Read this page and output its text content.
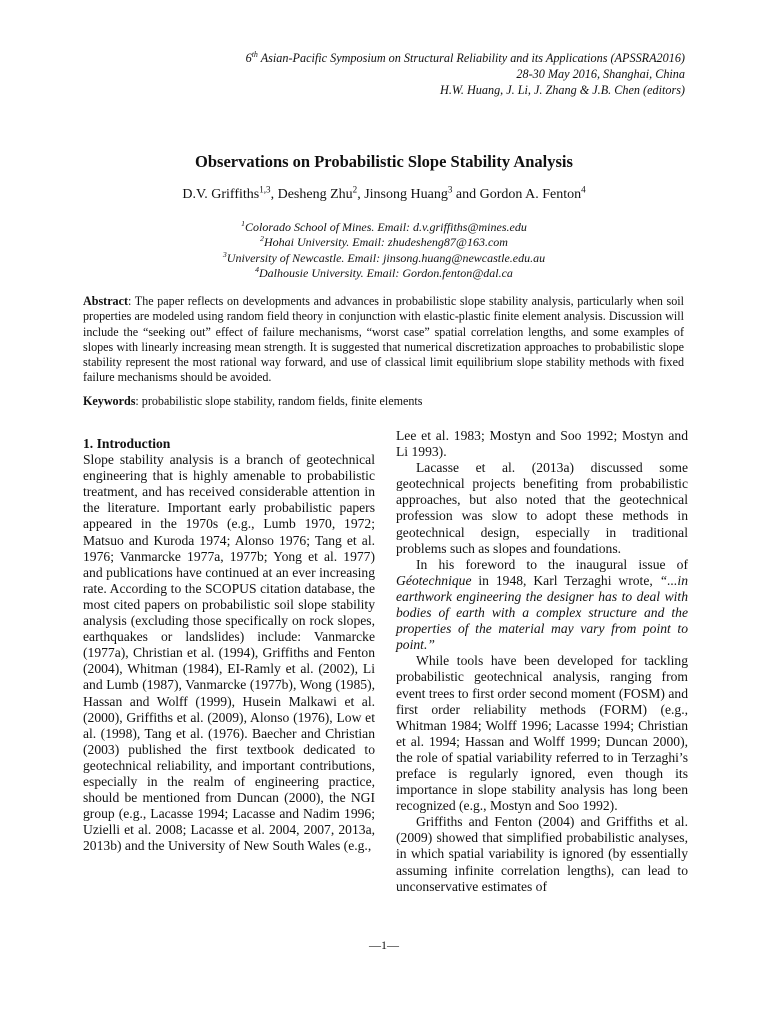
6th Asian-Pacific Symposium on Structural Reliability and its Applications (APSSRA2016)
28-30 May 2016, Shanghai, China
H.W. Huang, J. Li, J. Zhang & J.B. Chen (editors)
Observations on Probabilistic Slope Stability Analysis
D.V. Griffiths$^{1,3}$, Desheng Zhu$^2$, Jinsong Huang$^3$ and Gordon A. Fenton$^4$
$^1$Colorado School of Mines. Email: d.v.griffiths@mines.edu
$^2$Hohai University. Email: zhudesheng87@163.com
$^3$University of Newcastle. Email: jinsong.huang@newcastle.edu.au
$^4$Dalhousie University. Email: Gordon.fenton@dal.ca
Abstract: The paper reflects on developments and advances in probabilistic slope stability analysis, particularly when soil properties are modeled using random field theory in conjunction with elastic-plastic finite element analysis. Discussion will include the “seeking out” effect of failure mechanisms, “worst case” spatial correlation lengths, and some examples of slopes with linearly increasing mean strength. It is suggested that numerical discretization approaches to probabilistic slope stability represent the most rational way forward, and use of classical limit equilibrium slope stability methods with fixed failure mechanisms should be avoided.
Keywords: probabilistic slope stability, random fields, finite elements

1. Introduction

Slope stability analysis is a branch of geotechnical engineering that is highly amenable to probabilistic treatment, and has received considerable attention in the literature. Important early probabilistic papers appeared in the 1970s (e.g., Lumb 1970, 1972; Matsuo and Kuroda 1974; Alonso 1976; Tang et al. 1976; Vanmarcke 1977a, 1977b; Yong et al. 1977) and publications have continued at an ever increasing rate. According to the SCOPUS citation database, the most cited papers on probabilistic soil slope stability analysis (excluding those specifically on rock slopes, earthquakes or landslides) include: Vanmarcke (1977a), Christian et al. (1994), Griffiths and Fenton (2004), Whitman (1984), EI-Ramly et al. (2002), Li and Lumb (1987), Vanmarcke (1977b), Wong (1985), Hassan and Wolff (1999), Husein Malkawi et al. (2000), Griffiths et al. (2009), Alonso (1976), Low et al. (1998), Tang et al. (1976). Baecher and Christian (2003) published the first textbook dedicated to geotechnical reliability, and important contributions, especially in the realm of engineering practice, should be mentioned from Duncan (2000), the NGI group (e.g., Lacasse 1994; Lacasse and Nadim 1996; Uzielli et al. 2008; Lacasse et al. 2004, 2007, 2013a, 2013b) and the University of New South Wales (e.g.,

Lee et al. 1983; Mostyn and Soo 1992; Mostyn and Li 1993).

Lacasse et al. (2013a) discussed some geotechnical projects benefiting from probabilistic approaches, but also noted that the geotechnical profession was slow to adopt these methods in geotechnical design, especially in traditional problems such as slopes and foundations.

In his foreword to the inaugural issue of Géotechnique in 1948, Karl Terzaghi wrote, “...in earthwork engineering the designer has to deal with bodies of earth with a complex structure and the properties of the material may vary from point to point.”

While tools have been developed for tackling probabilistic geotechnical analysis, ranging from event trees to first order second moment (FOSM) and first order reliability methods (FORM) (e.g., Whitman 1984; Wolff 1996; Lacasse 1994; Christian et al. 1994; Hassan and Wolff 1999; Duncan 2000), the role of spatial variability referred to in Terzaghi’s preface is regularly ignored, even though its importance in slope stability analysis has long been recognized (e.g., Mostyn and Soo 1992).

Griffiths and Fenton (2004) and Griffiths et al. (2009) showed that simplified probabilistic analyses, in which spatial variability is ignored (by essentially assuming infinite correlation lengths), can lead to unconservative estimates of

—1—
